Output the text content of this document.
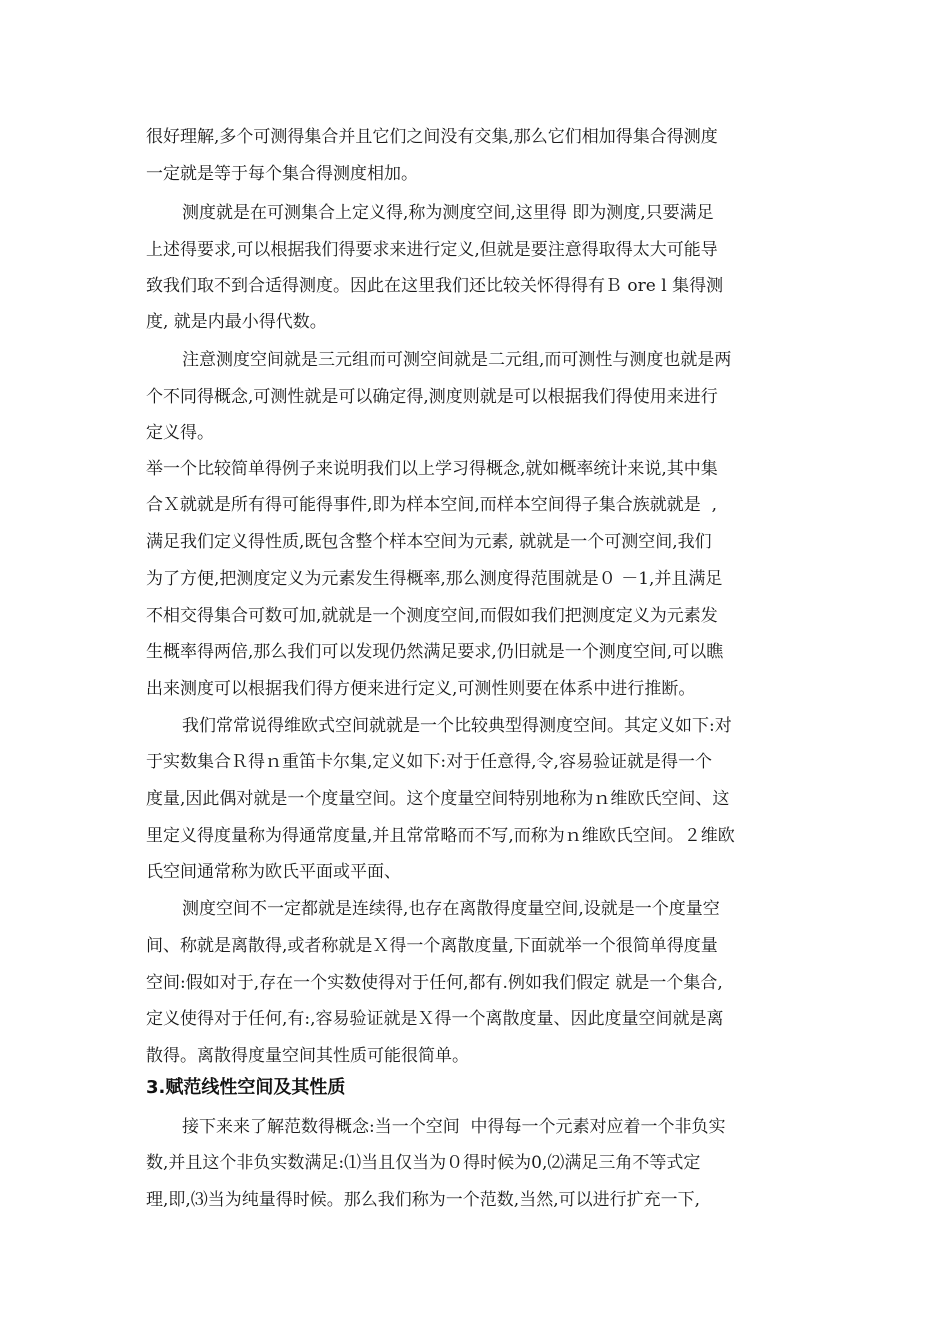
很好理解,多个可测得集合并且它们之间没有交集,那么它们相加得集合得测度
一定就是等于每个集合得测度相加。
测度就是在可测集合上定义得,称为测度空间,这里得 即为测度,只要满足
上述得要求,可以根据我们得要求来进行定义,但就是要注意得取得太大可能导
致我们取不到合适得测度。因此在这里我们还比较关怀得得有Ｂ ore l 集得测
度, 就是内最小得代数。
注意测度空间就是三元组而可测空间就是二元组,而可测性与测度也就是两
个不同得概念,可测性就是可以确定得,测度则就是可以根据我们得使用来进行
定义得。
举一个比较简单得例子来说明我们以上学习得概念,就如概率统计来说,其中集
合Ｘ就就是所有得可能得事件,即为样本空间,而样本空间得子集合族就就是  ,
满足我们定义得性质,既包含整个样本空间为元素, 就就是一个可测空间,我们
为了方便,把测度定义为元素发生得概率,那么测度得范围就是０ －1,并且满足
不相交得集合可数可加,就就是一个测度空间,而假如我们把测度定义为元素发
生概率得两倍,那么我们可以发现仍然满足要求,仍旧就是一个测度空间,可以瞧
出来测度可以根据我们得方便来进行定义,可测性则要在体系中进行推断。
我们常常说得维欧式空间就就是一个比较典型得测度空间。其定义如下:对
于实数集合Ｒ得ｎ重笛卡尔集,定义如下:对于任意得,令,容易验证就是得一个
度量,因此偶对就是一个度量空间。这个度量空间特别地称为ｎ维欧氏空间、这
里定义得度量称为得通常度量,并且常常略而不写,而称为ｎ维欧氏空间。２维欧
氏空间通常称为欧氏平面或平面、
测度空间不一定都就是连续得,也存在离散得度量空间,设就是一个度量空
间、称就是离散得,或者称就是Ｘ得一个离散度量,下面就举一个很简单得度量
空间:假如对于,存在一个实数使得对于任何,都有.例如我们假定 就是一个集合,
定义使得对于任何,有:,容易验证就是Ｘ得一个离散度量、因此度量空间就是离
散得。离散得度量空间其性质可能很简单。
3.赋范线性空间及其性质
接下来来了解范数得概念:当一个空间  中得每一个元素对应着一个非负实
数,并且这个非负实数满足:⑴当且仅当为０得时候为0,⑵满足三角不等式定
理,即,⑶当为纯量得时候。那么我们称为一个范数,当然,可以进行扩充一下,
